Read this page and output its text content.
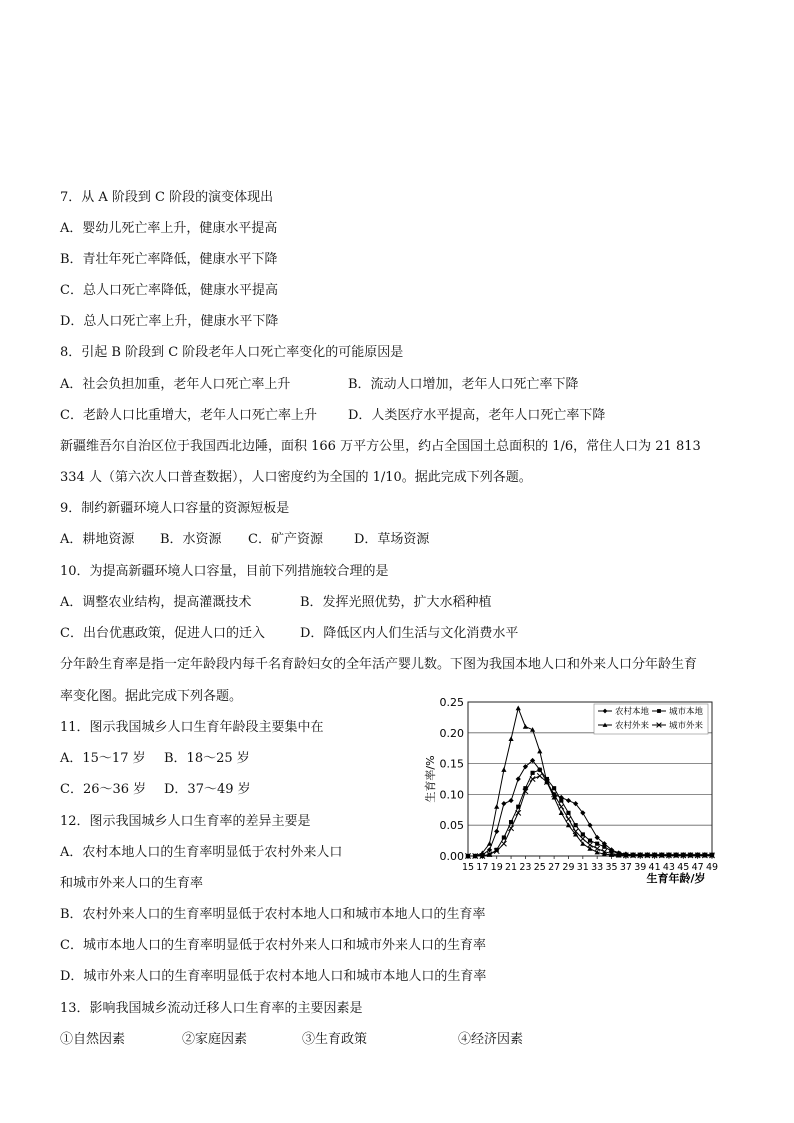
7．从 A 阶段到 C 阶段的演变体现出
A．婴幼儿死亡率上升，健康水平提高
B．青壮年死亡率降低，健康水平下降
C．总人口死亡率降低，健康水平提高
D．总人口死亡率上升，健康水平下降
8．引起 B 阶段到 C 阶段老年人口死亡率变化的可能原因是
A．社会负担加重，老年人口死亡率上升	B．流动人口增加，老年人口死亡率下降
C．老龄人口比重增大，老年人口死亡率上升 D．人类医疗水平提高，老年人口死亡率下降
新疆维吾尔自治区位于我国西北边陲，面积 166 万平方公里，约占全国国土总面积的 1/6，常住人口为 21 813
334 人（第六次人口普查数据），人口密度约为全国的 1/10。据此完成下列各题。
9．制约新疆环境人口容量的资源短板是
A．耕地资源 B．水资源 C．矿产资源 D．草场资源
10．为提高新疆环境人口容量，目前下列措施较合理的是
A．调整农业结构，提高灌溉技术	B．发挥光照优势，扩大水稻种植
C．出台优惠政策，促进人口的迁入	D．降低区内人们生活与文化消费水平
分年龄生育率是指一定年龄段内每千名育龄妇女的全年活产婴儿数。下图为我国本地人口和外来人口分年龄生育
率变化图。据此完成下列各题。
11．图示我国城乡人口生育年龄段主要集中在
A．15～17 岁 B．18～25 岁
C．26～36 岁 D．37～49 岁
12．图示我国城乡人口生育率的差异主要是
A．农村本地人口的生育率明显低于农村外来人口
和城市外来人口的生育率
B．农村外来人口的生育率明显低于农村本地人口和城市本地人口的生育率
C．城市本地人口的生育率明显低于农村外来人口和城市外来人口的生育率
D．城市外来人口的生育率明显低于农村本地人口和城市本地人口的生育率
13．影响我国城乡流动迁移人口生育率的主要因素是
①自然因素	②家庭因素	③生育政策	④经济因素
0.00
0.05
0.10
0.15
0.20
0.25
15 17 19 21 23 25 27 29 31 33 35 37 39 41 43 45 47 49
农村本地 城市本地
农村外来 城市外来
生育率/%
生育年龄/岁
